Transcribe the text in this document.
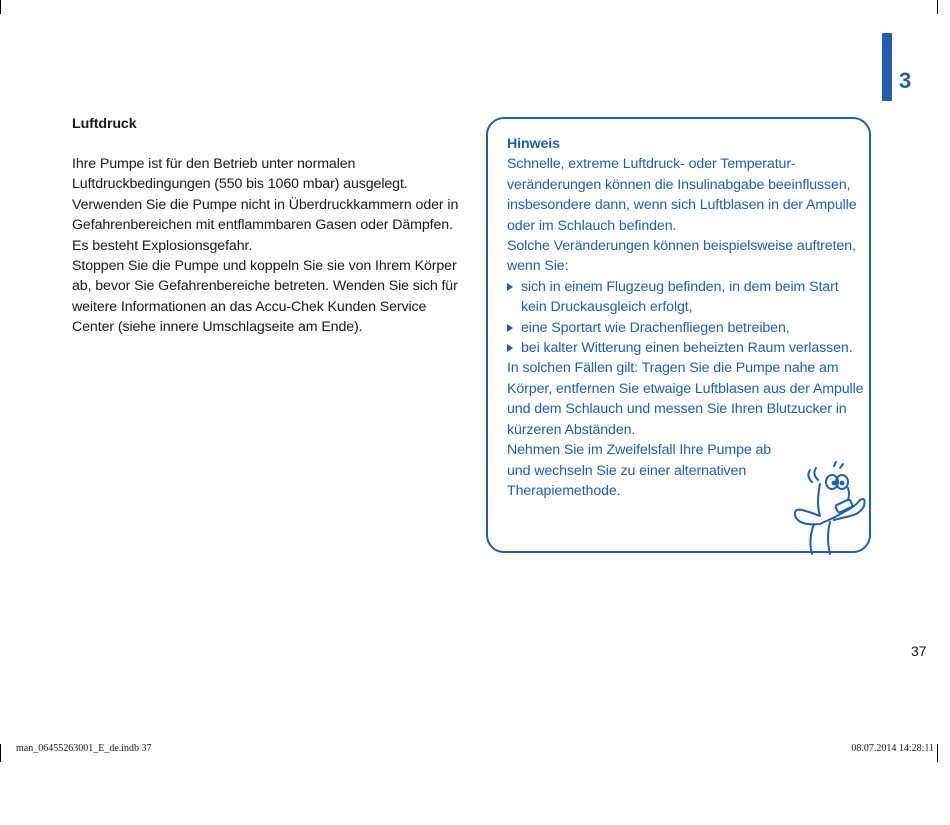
3
Luftdruck

Ihre Pumpe ist für den Betrieb unter normalen Luftdruckbedingungen (550 bis 1060 mbar) ausgelegt.

Verwenden Sie die Pumpe nicht in Überdruckkammern oder in Gefahrenbereichen mit entflammbaren Gasen oder Dämpfen. Es besteht Explosionsgefahr.

Stoppen Sie die Pumpe und koppeln Sie sie von Ihrem Körper ab, bevor Sie Gefahrenbereiche betreten. Wenden Sie sich für weitere Informationen an das Accu-Chek Kunden Service Center (siehe innere Umschlagseite am Ende).

Hinweis

Schnelle, extreme Luftdruck- oder Temperaturveränderungen können die Insulinabgabe beeinflussen, insbesondere dann, wenn sich Luftblasen in der Ampulle oder im Schlauch befinden.

Solche Veränderungen können beispielsweise auftreten, wenn Sie:

sich in einem Flugzeug befinden, in dem beim Start kein Druckausgleich erfolgt,
eine Sportart wie Drachenfliegen betreiben,
bei kalter Witterung einen beheizten Raum verlassen.

In solchen Fällen gilt: Tragen Sie die Pumpe nahe am Körper, entfernen Sie etwaige Luftblasen aus der Ampulle und dem Schlauch und messen Sie Ihren Blutzucker in kürzeren Abständen.

Nehmen Sie im Zweifelsfall Ihre Pumpe ab
und wechseln Sie zu einer alternativen
Therapiemethode.

37
man_06455263001_E_de.indb 37	08.07.2014 14:28:11
